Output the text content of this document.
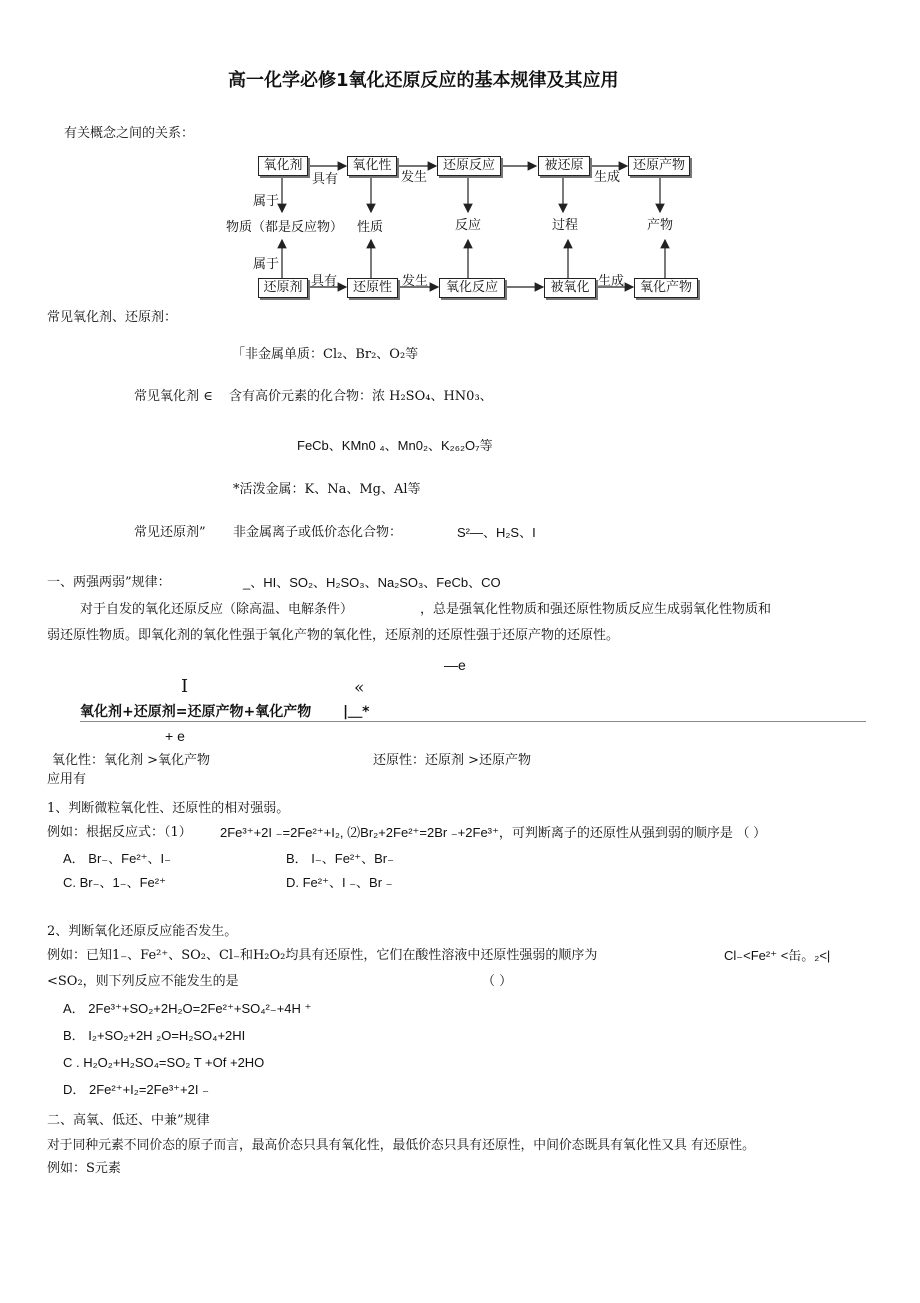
高一化学必修1氧化还原反应的基本规律及其应用
有关概念之间的关系：
氧化剂	氧化性	还原反应	被还原	还原产物
具有	发生	生成
属于
物质（都是反应物） 性质	反应	过程	产物
属于
还原剂	还原性	氧化反应	被氧化	氧化产物
具有	发生	生成
常见氧化剂、还原剂：
「非金属单质：Cl₂、Br₂、O₂等
常见氧化剂 ∈ 含有高价元素的化合物：浓 H₂SO₄、HN0₃、
FeCb、KMn0 ₄、Mn0₂、K₂₆₂O₇等
*活泼金属：K、Na、Mg、Al等
常见还原剂” 非金属离子或低价态化合物：	S²—、H₂S、I
一、两强两弱”规律：	_、HI、SO₂、H₂SO₃、Na₂SO₃、FeCb、CO
对于自发的氧化还原反应（除高温、电解条件）	，总是强氧化性物质和强还原性物质反应生成弱氧化性物质和
弱还原性物质。即氧化剂的氧化性强于氧化产物的氧化性，还原剂的还原性强于还原产物的还原性。
—e
I	«
氧化剂+还原剂=还原产物+氧化产物 |＿*
+ e
氧化性：氧化剂 >氧化产物	还原性：还原剂 >还原产物
应用有
1、判断微粒氧化性、还原性的相对强弱。
例如：根据反应式：（1） 2Fe³⁺+2I ₋=2Fe²⁺+I₂, ⑵Br₂+2Fe²⁺=2Br ₋+2Fe³⁺，可判断离子的还原性从强到弱的顺序是 （ ）
A． Br₋、Fe²⁺、I₋	B． I₋、Fe²⁺、Br₋
C. Br₋、1₋、Fe²⁺	D. Fe²⁺、I ₋、Br ₋
2、判断氧化还原反应能否发生。
例如：已知1₋、Fe²⁺、SO₂、Cl₋和H₂O₂均具有还原性，它们在酸性溶液中还原性强弱的顺序为	Cl₋<Fe²⁺ <缶。₂<|
<SO₂，则下列反应不能发生的是	（ ）
A． 2Fe³⁺+SO₂+2H₂O=2Fe²⁺+SO₄²₋+4H ⁺
B． I₂+SO₂+2H ₂O=H₂SO₄+2HI
C . H₂O₂+H₂SO₄=SO₂ T +Of +2HO
D． 2Fe²⁺+I₂=2Fe³⁺+2I ₋
二、高氧、低还、中兼”规律
对于同种元素不同价态的原子而言，最高价态只具有氧化性，最低价态只具有还原性，中间价态既具有氧化性又具 有还原性。
例如：S元素
